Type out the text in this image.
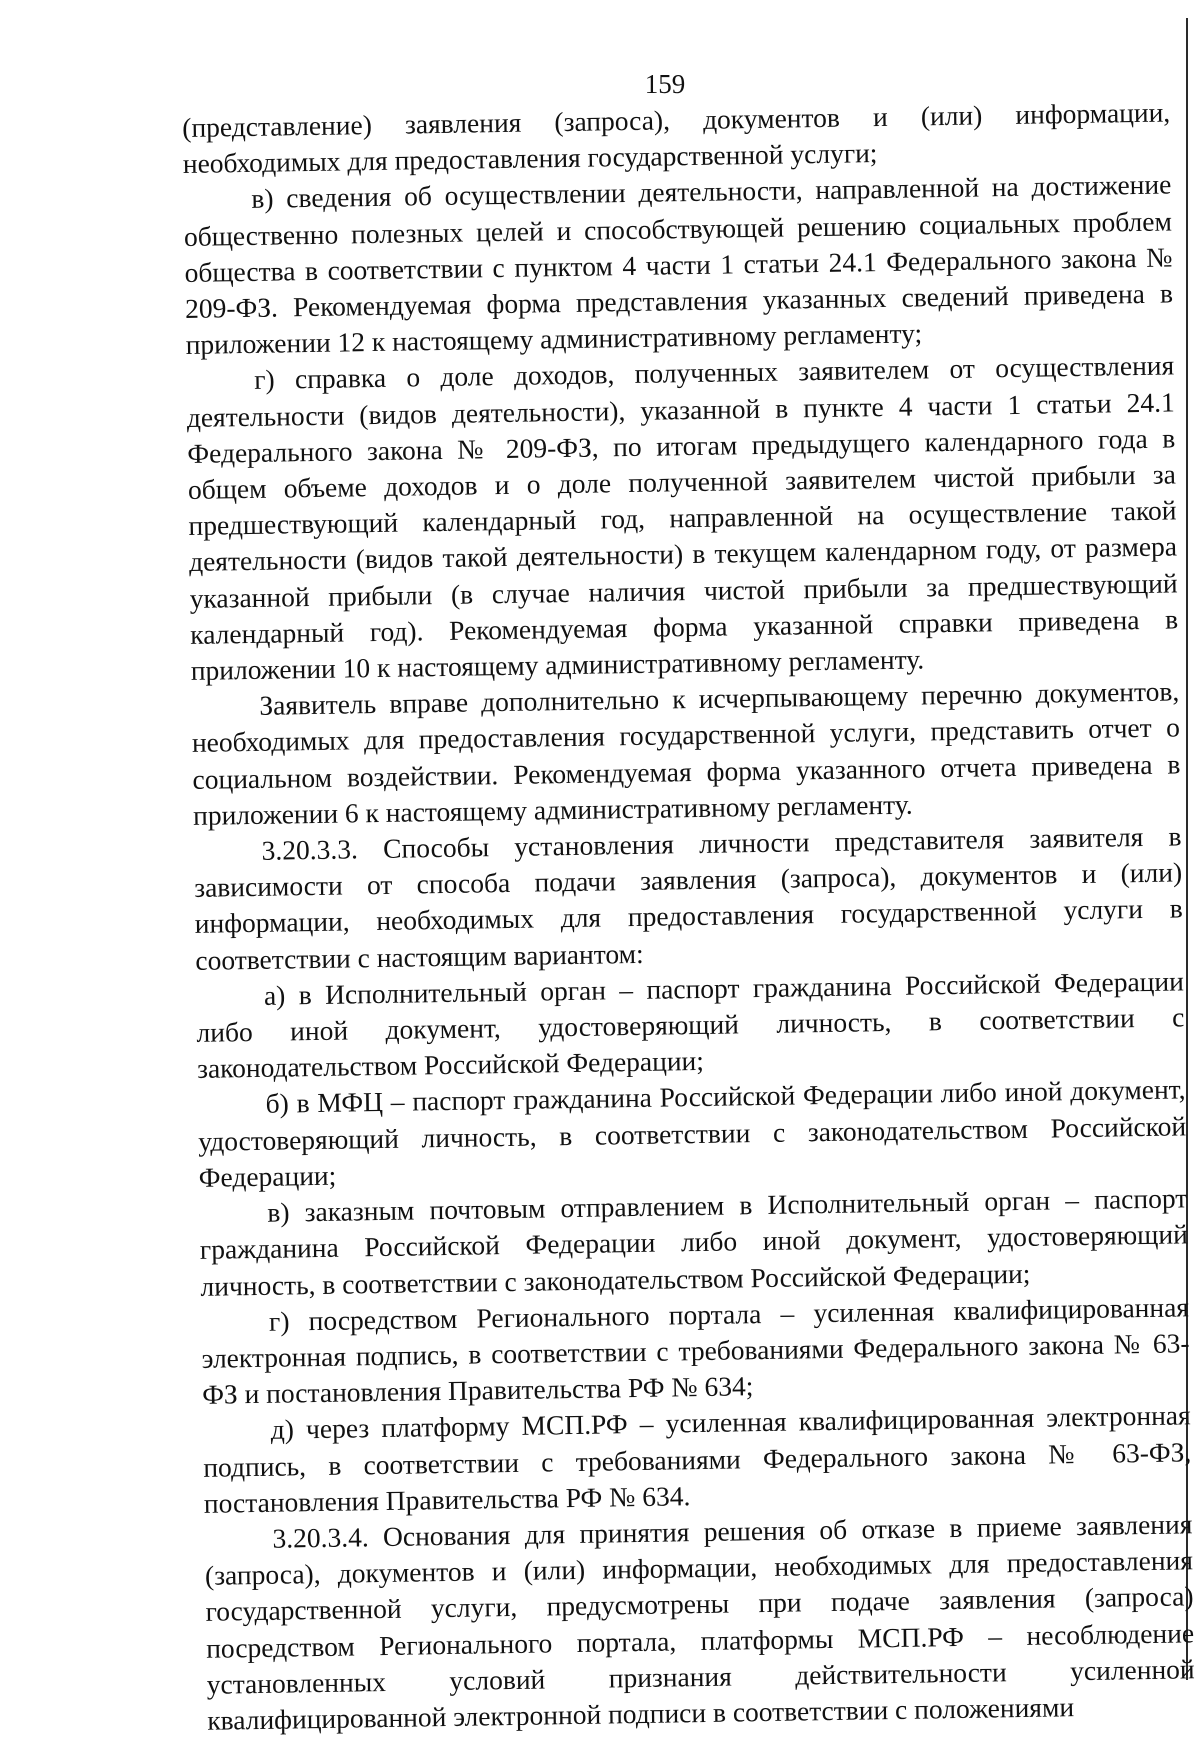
159

(представление) заявления (запроса), документов и (или) информации, необходимых для предоставления государственной услуги;

в) сведения об осуществлении деятельности, направленной на достижение общественно полезных целей и способствующей решению социальных проблем общества в соответствии с пунктом 4 части 1 статьи 24.1 Федерального закона № 209-ФЗ. Рекомендуемая форма представления указанных сведений приведена в приложении 12 к настоящему административному регламенту;

г) справка о доле доходов, полученных заявителем от осуществления деятельности (видов деятельности), указанной в пункте 4 части 1 статьи 24.1 Федерального закона № 209-ФЗ, по итогам предыдущего календарного года в общем объеме доходов и о доле полученной заявителем чистой прибыли за предшествующий календарный год, направленной на осуществление такой деятельности (видов такой деятельности) в текущем календарном году, от размера указанной прибыли (в случае наличия чистой прибыли за предшествующий календарный год). Рекомендуемая форма указанной справки приведена в приложении 10 к настоящему административному регламенту.

Заявитель вправе дополнительно к исчерпывающему перечню документов, необходимых для предоставления государственной услуги, представить отчет о социальном воздействии. Рекомендуемая форма указанного отчета приведена в приложении 6 к настоящему административному регламенту.

3.20.3.3. Способы установления личности представителя заявителя в зависимости от способа подачи заявления (запроса), документов и (или) информации, необходимых для предоставления государственной услуги в соответствии с настоящим вариантом:

а) в Исполнительный орган – паспорт гражданина Российской Федерации либо иной документ, удостоверяющий личность, в соответствии с законодательством Российской Федерации;

б) в МФЦ – паспорт гражданина Российской Федерации либо иной документ, удостоверяющий личность, в соответствии с законодательством Российской Федерации;

в) заказным почтовым отправлением в Исполнительный орган – паспорт гражданина Российской Федерации либо иной документ, удостоверяющий личность, в соответствии с законодательством Российской Федерации;

г) посредством Регионального портала – усиленная квалифицированная электронная подпись, в соответствии с требованиями Федерального закона № 63-ФЗ и постановления Правительства РФ № 634;

д) через платформу МСП.РФ – усиленная квалифицированная электронная подпись, в соответствии с требованиями Федерального закона № 63-ФЗ, постановления Правительства РФ № 634.

3.20.3.4. Основания для принятия решения об отказе в приеме заявления (запроса), документов и (или) информации, необходимых для предоставления государственной услуги, предусмотрены при подаче заявления (запроса) посредством Регионального портала, платформы МСП.РФ – несоблюдение установленных условий признания действительности усиленной квалифицированной электронной подписи в соответствии с положениями
